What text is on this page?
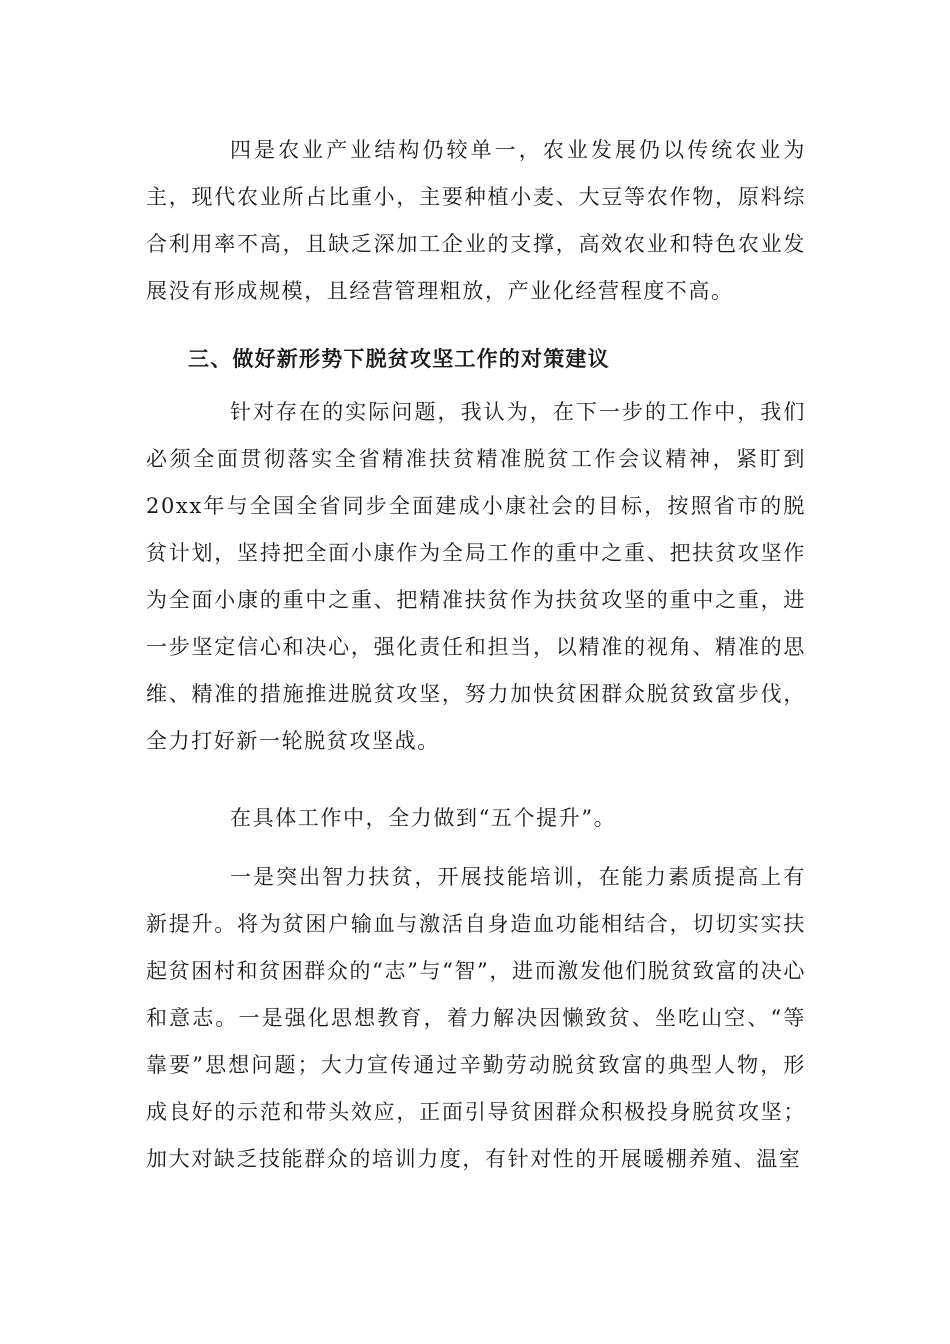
四是农业产业结构仍较单一，农业发展仍以传统农业为主，现代农业所占比重小，主要种植小麦、大豆等农作物，原料综合利用率不高，且缺乏深加工企业的支撑，高效农业和特色农业发展没有形成规模，且经营管理粗放，产业化经营程度不高。

三、做好新形势下脱贫攻坚工作的对策建议

针对存在的实际问题，我认为，在下一步的工作中，我们必须全面贯彻落实全省精准扶贫精准脱贫工作会议精神，紧盯到20xx年与全国全省同步全面建成小康社会的目标，按照省市的脱贫计划，坚持把全面小康作为全局工作的重中之重、把扶贫攻坚作为全面小康的重中之重、把精准扶贫作为扶贫攻坚的重中之重，进一步坚定信心和决心，强化责任和担当，以精准的视角、精准的思维、精准的措施推进脱贫攻坚，努力加快贫困群众脱贫致富步伐，全力打好新一轮脱贫攻坚战。

在具体工作中，全力做到“五个提升”。

一是突出智力扶贫，开展技能培训，在能力素质提高上有新提升。将为贫困户输血与激活自身造血功能相结合，切切实实扶起贫困村和贫困群众的“志”与“智”，进而激发他们脱贫致富的决心和意志。一是强化思想教育，着力解决因懒致贫、坐吃山空、“等靠要”思想问题；大力宣传通过辛勤劳动脱贫致富的典型人物，形成良好的示范和带头效应，正面引导贫困群众积极投身脱贫攻坚；加大对缺乏技能群众的培训力度，有针对性的开展暖棚养殖、温室
